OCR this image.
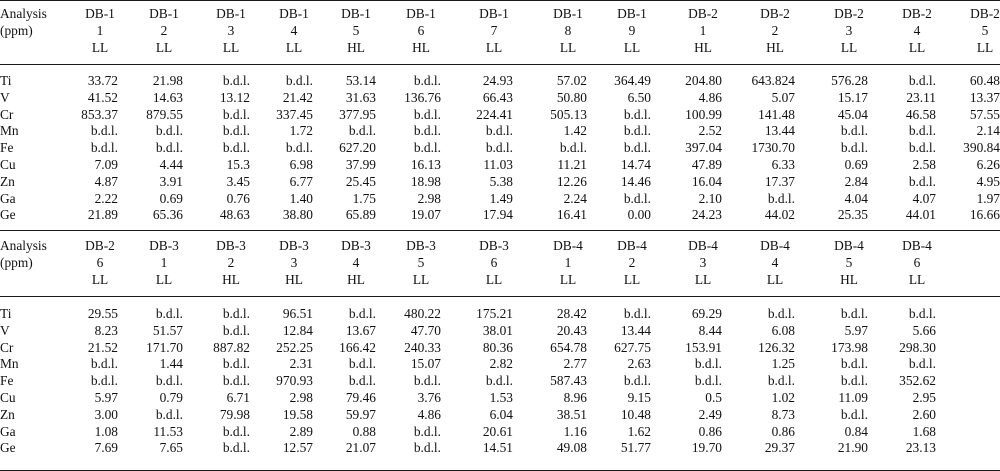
Analysis
(ppm)
DB-1
1
LL
33.72
41.52
853.37
b.d.l.
b.d.l.
7.09
4.87
2.22
21.89
DB-1
2
LL
21.98
14.63
879.55
b.d.l.
b.d.l.
4.44
3.91
0.69
65.36
DB-1
3
LL
b.d.l.
13.12
b.d.l.
b.d.l.
b.d.l.
15.3
3.45
0.76
48.63
DB-1
4
LL
b.d.l.
21.42
337.45
1.72
b.d.l.
6.98
6.77
1.40
38.80
DB-1
5
HL
53.14
31.63
377.95
b.d.l.
627.20
37.99
25.45
1.75
65.89
DB-1
6
HL
b.d.l.
136.76
b.d.l.
b.d.l.
b.d.l.
16.13
18.98
2.98
19.07
DB-1
7
LL
24.93
66.43
224.41
b.d.l.
b.d.l.
11.03
5.38
1.49
17.94
DB-1
8
LL
57.02
50.80
505.13
1.42
b.d.l.
11.21
12.26
2.24
16.41
DB-1
9
LL
364.49
6.50
b.d.l.
b.d.l.
b.d.l.
14.74
14.46
b.d.l.
0.00
DB-2
1
HL
204.80
4.86
100.99
2.52
397.04
47.89
16.04
2.10
24.23
DB-2
2
HL
643.824
5.07
141.48
13.44
1730.70
6.33
17.37
b.d.l.
44.02
DB-2
3
LL
576.28
15.17
45.04
b.d.l.
b.d.l.
0.69
2.84
4.04
25.35
DB-2
4
LL
b.d.l.
23.11
46.58
b.d.l.
b.d.l.
2.58
b.d.l.
4.07
44.01
DB-2
5
LL
60.48
13.37
57.55
2.14
390.84
6.26
4.95
1.97
16.66
Ti
V
Cr
Mn
Fe
Cu
Zn
Ga
Ge
Analysis
(ppm)
DB-2
6
LL
29.55
8.23
21.52
b.d.l.
b.d.l.
5.97
3.00
1.08
7.69
DB-3
1
LL
b.d.l.
51.57
171.70
1.44
b.d.l.
0.79
b.d.l.
11.53
7.65
DB-3
2
HL
b.d.l.
b.d.l.
887.82
b.d.l.
b.d.l.
6.71
79.98
b.d.l.
b.d.l.
DB-3
3
HL
96.51
12.84
252.25
2.31
970.93
2.98
19.58
2.89
12.57
DB-3
4
HL
b.d.l.
13.67
166.42
b.d.l.
b.d.l.
79.46
59.97
0.88
21.07
DB-3
5
LL
480.22
47.70
240.33
15.07
b.d.l.
3.76
4.86
b.d.l.
b.d.l.
DB-3
6
LL
175.21
38.01
80.36
2.82
b.d.l.
1.53
6.04
20.61
14.51
DB-4
1
LL
28.42
20.43
654.78
2.77
587.43
8.96
38.51
1.16
49.08
DB-4
2
LL
b.d.l.
13.44
627.75
2.63
b.d.l.
9.15
10.48
1.62
51.77
DB-4
3
LL
69.29
8.44
153.91
b.d.l.
b.d.l.
0.5
2.49
0.86
19.70
DB-4
4
LL
b.d.l.
6.08
126.32
1.25
b.d.l.
1.02
8.73
0.86
29.37
DB-4
5
HL
b.d.l.
5.97
173.98
b.d.l.
b.d.l.
11.09
b.d.l.
0.84
21.90
DB-4
6
LL
b.d.l.
5.66
298.30
b.d.l.
352.62
2.95
2.60
1.68
23.13
Ti
V
Cr
Mn
Fe
Cu
Zn
Ga
Ge
